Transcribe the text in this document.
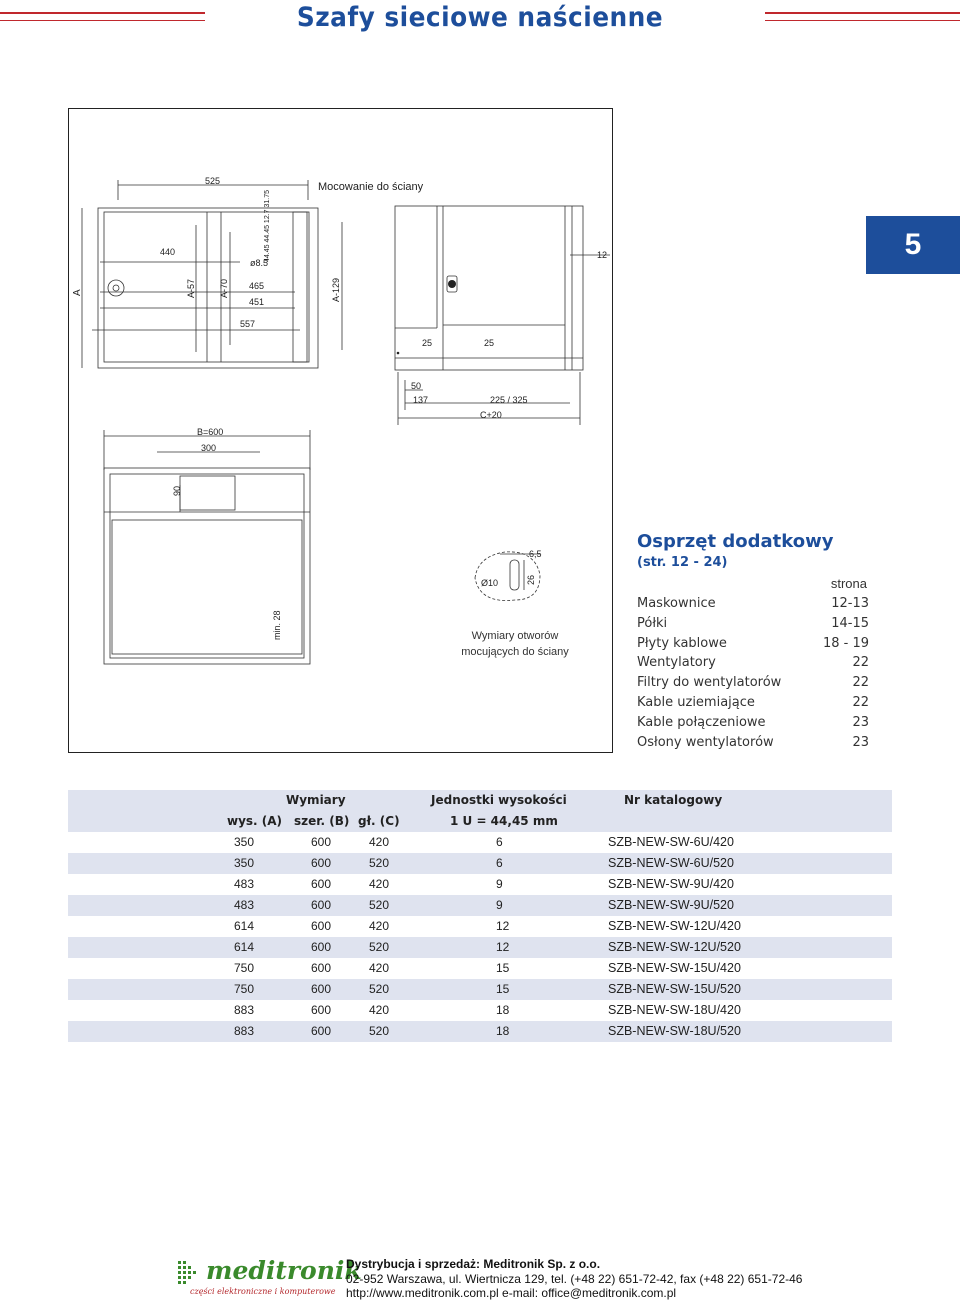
Szafy sieciowe naścienne
5
Mocowanie do ściany
525
440
ø8.5
465
451
557
A	A-57	A-70	A-129
44.45 44.45 12.7 31.75	12
25	25
50
137	225 / 325
C+20
B=600
300
90
min. 28
Ø10
6,5
26
Wymiary otworów
mocujących do ściany
Osprzęt dodatkowy
(str. 12 - 24)
strona
Maskownice	12-13
Półki	14-15
Płyty kablowe	18 - 19
Wentylatory	22
Filtry do wentylatorów	22
Kable uziemiające	22
Kable połączeniowe	23
Osłony wentylatorów	23
Wymiary	Jednostki wysokości	Nr katalogowy
wys. (A) szer. (B) gł. (C)	1 U = 44,45 mm
350	600	420	6	SZB-NEW-SW-6U/420
350	600	520	6	SZB-NEW-SW-6U/520
483	600	420	9	SZB-NEW-SW-9U/420
483	600	520	9	SZB-NEW-SW-9U/520
614	600	420	12	SZB-NEW-SW-12U/420
614	600	520	12	SZB-NEW-SW-12U/520
750	600	420	15	SZB-NEW-SW-15U/420
750	600	520	15	SZB-NEW-SW-15U/520
883	600	420	18	SZB-NEW-SW-18U/420
883	600	520	18	SZB-NEW-SW-18U/520
meditronik
części elektroniczne i komputerowe
Dystrybucja i sprzedaż: Meditronik Sp. z o.o.
02-952 Warszawa, ul. Wiertnicza 129, tel. (+48 22) 651-72-42, fax (+48 22) 651-72-46
http://www.meditronik.com.pl e-mail: office@meditronik.com.pl
